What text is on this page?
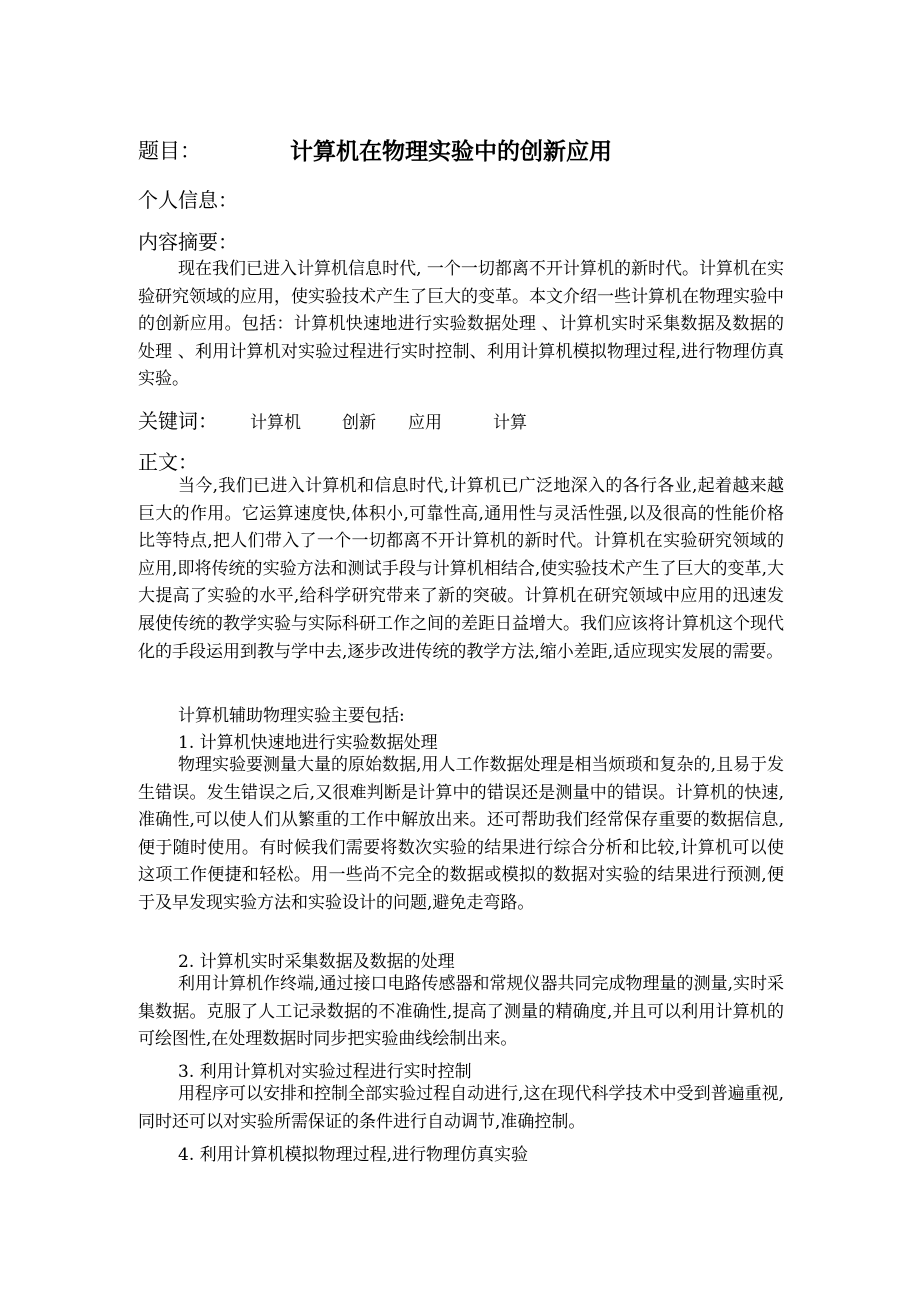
题目：	计算机在物理实验中的创新应用
个人信息：
内容摘要：

现在我们已进入计算机信息时代, 一个一切都离不开计算机的新时代。计算机在实验研究领域的应用，使实验技术产生了巨大的变革。本文介绍一些计算机在物理实验中的创新应用。包括：计算机快速地进行实验数据处理 、计算机实时采集数据及数据的处理 、利用计算机对实验过程进行实时控制、利用计算机模拟物理过程,进行物理仿真实验。

关键词： 计算机 创新 应用	计算
正文：

当今,我们已进入计算机和信息时代,计算机已广泛地深入的各行各业,起着越来越巨大的作用。它运算速度快,体积小,可靠性高,通用性与灵活性强,以及很高的性能价格比等特点,把人们带入了一个一切都离不开计算机的新时代。计算机在实验研究领域的应用,即将传统的实验方法和测试手段与计算机相结合,使实验技术产生了巨大的变革,大大提高了实验的水平,给科学研究带来了新的突破。计算机在研究领域中应用的迅速发展使传统的教学实验与实际科研工作之间的差距日益增大。我们应该将计算机这个现代化的手段运用到教与学中去,逐步改进传统的教学方法,缩小差距,适应现实发展的需要。

计算机辅助物理实验主要包括:
1. 计算机快速地进行实验数据处理

物理实验要测量大量的原始数据,用人工作数据处理是相当烦琐和复杂的,且易于发生错误。发生错误之后,又很难判断是计算中的错误还是测量中的错误。计算机的快速,准确性,可以使人们从繁重的工作中解放出来。还可帮助我们经常保存重要的数据信息,便于随时使用。有时候我们需要将数次实验的结果进行综合分析和比较,计算机可以使这项工作便捷和轻松。用一些尚不完全的数据或模拟的数据对实验的结果进行预测,便于及早发现实验方法和实验设计的问题,避免走弯路。

2. 计算机实时采集数据及数据的处理

利用计算机作终端,通过接口电路传感器和常规仪器共同完成物理量的测量,实时采集数据。克服了人工记录数据的不准确性,提高了测量的精确度,并且可以利用计算机的可绘图性,在处理数据时同步把实验曲线绘制出来。

3. 利用计算机对实验过程进行实时控制

用程序可以安排和控制全部实验过程自动进行,这在现代科学技术中受到普遍重视,同时还可以对实验所需保证的条件进行自动调节,准确控制。

4. 利用计算机模拟物理过程,进行物理仿真实验
